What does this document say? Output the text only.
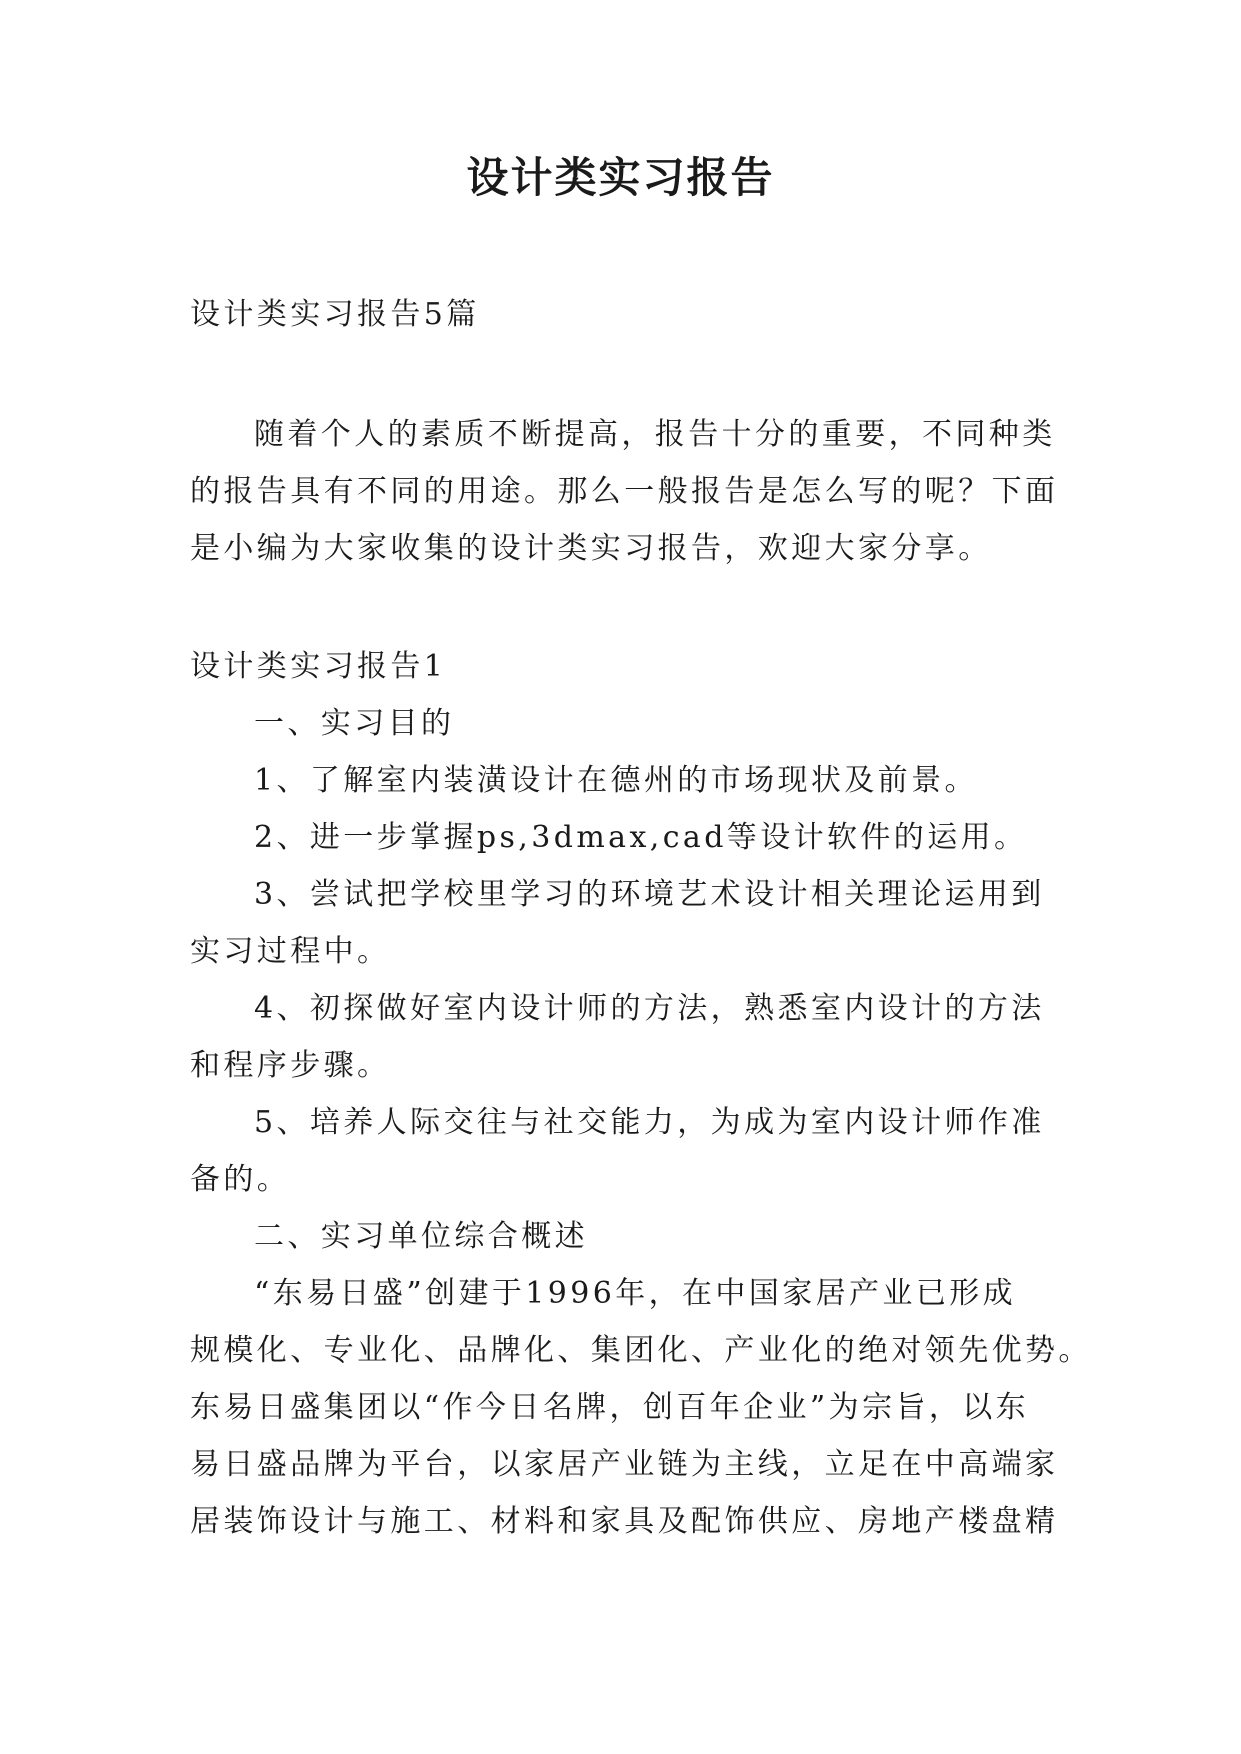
设计类实习报告

设计类实习报告5篇

随着个人的素质不断提高，报告十分的重要，不同种类

的报告具有不同的用途。那么一般报告是怎么写的呢？下面

是小编为大家收集的设计类实习报告，欢迎大家分享。

设计类实习报告1

一、实习目的

1、了解室内装潢设计在德州的市场现状及前景。

2、进一步掌握ps,3dmax,cad等设计软件的运用。

3、尝试把学校里学习的环境艺术设计相关理论运用到

实习过程中。

4、初探做好室内设计师的方法，熟悉室内设计的方法

和程序步骤。

5、培养人际交往与社交能力，为成为室内设计师作准

备的。

二、实习单位综合概述

“东易日盛”创建于1996年，在中国家居产业已形成

规模化、专业化、品牌化、集团化、产业化的绝对领先优势。

东易日盛集团以“作今日名牌，创百年企业”为宗旨，以东

易日盛品牌为平台，以家居产业链为主线，立足在中高端家

居装饰设计与施工、材料和家具及配饰供应、房地产楼盘精
